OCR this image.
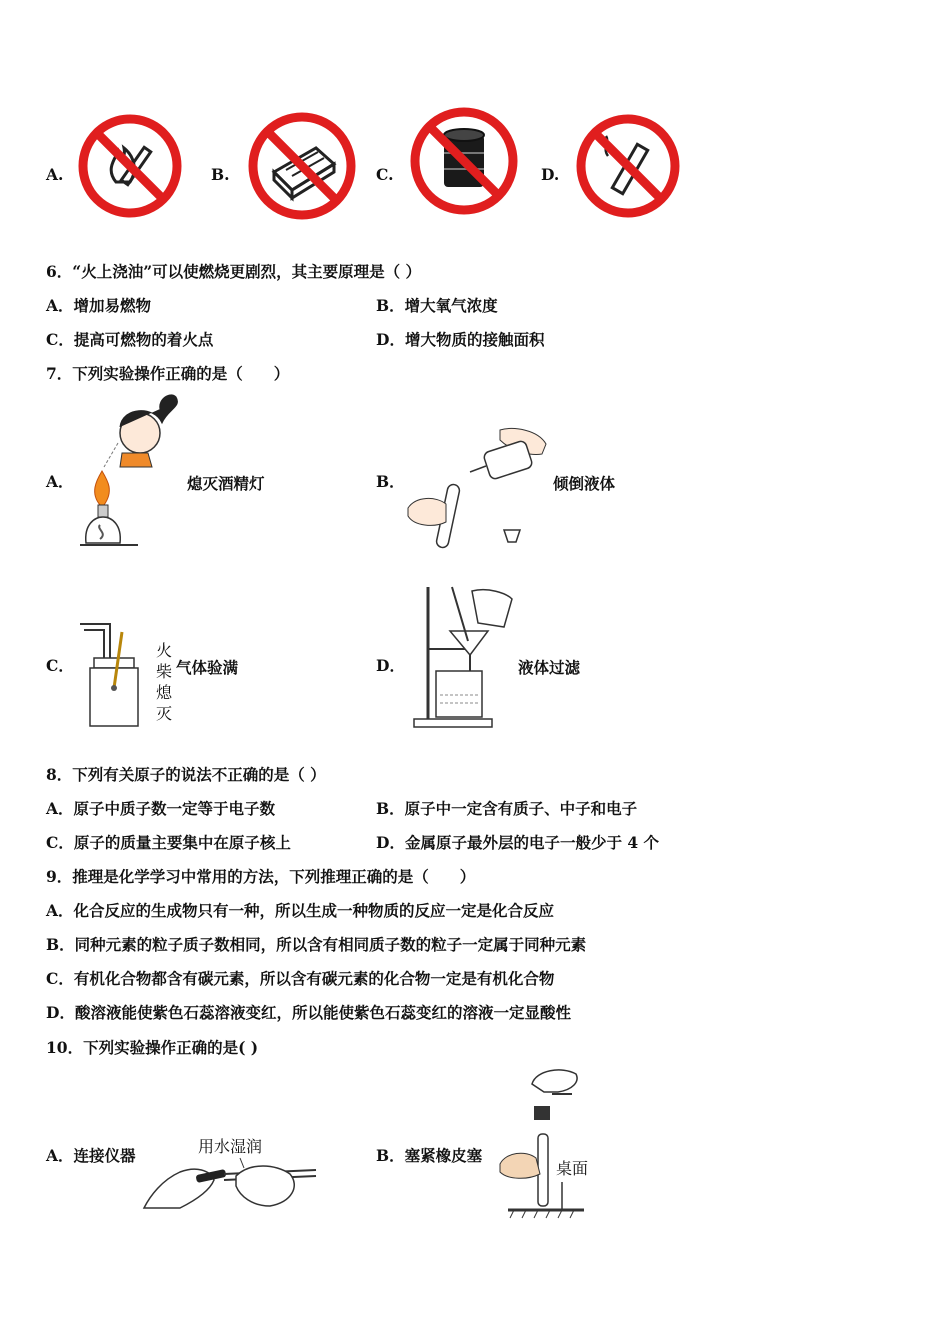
A.	B.	C.	D.
6．“火上浇油”可以使燃烧更剧烈，其主要原理是（ ）
A．增加易燃物	B．增大氧气浓度
C．提高可燃物的着火点	D．增大物质的接触面积
7．下列实验操作正确的是（　　）
A．	熄灭酒精灯	B．	倾倒液体
C．
火柴熄灭
气体验满	D．	液体过滤
8．下列有关原子的说法不正确的是（ ）
A．原子中质子数一定等于电子数	B．原子中一定含有质子、中子和电子
C．原子的质量主要集中在原子核上	D．金属原子最外层的电子一般少于 4 个
9．推理是化学学习中常用的方法，下列推理正确的是（　　）
A．化合反应的生成物只有一种，所以生成一种物质的反应一定是化合反应
B．同种元素的粒子质子数相同，所以含有相同质子数的粒子一定属于同种元素
C．有机化合物都含有碳元素，所以含有碳元素的化合物一定是有机化合物
D．酸溶液能使紫色石蕊溶液变红，所以能使紫色石蕊变红的溶液一定显酸性
10．下列实验操作正确的是( )
A．连接仪器	用水湿润	B．塞紧橡皮塞
桌面
